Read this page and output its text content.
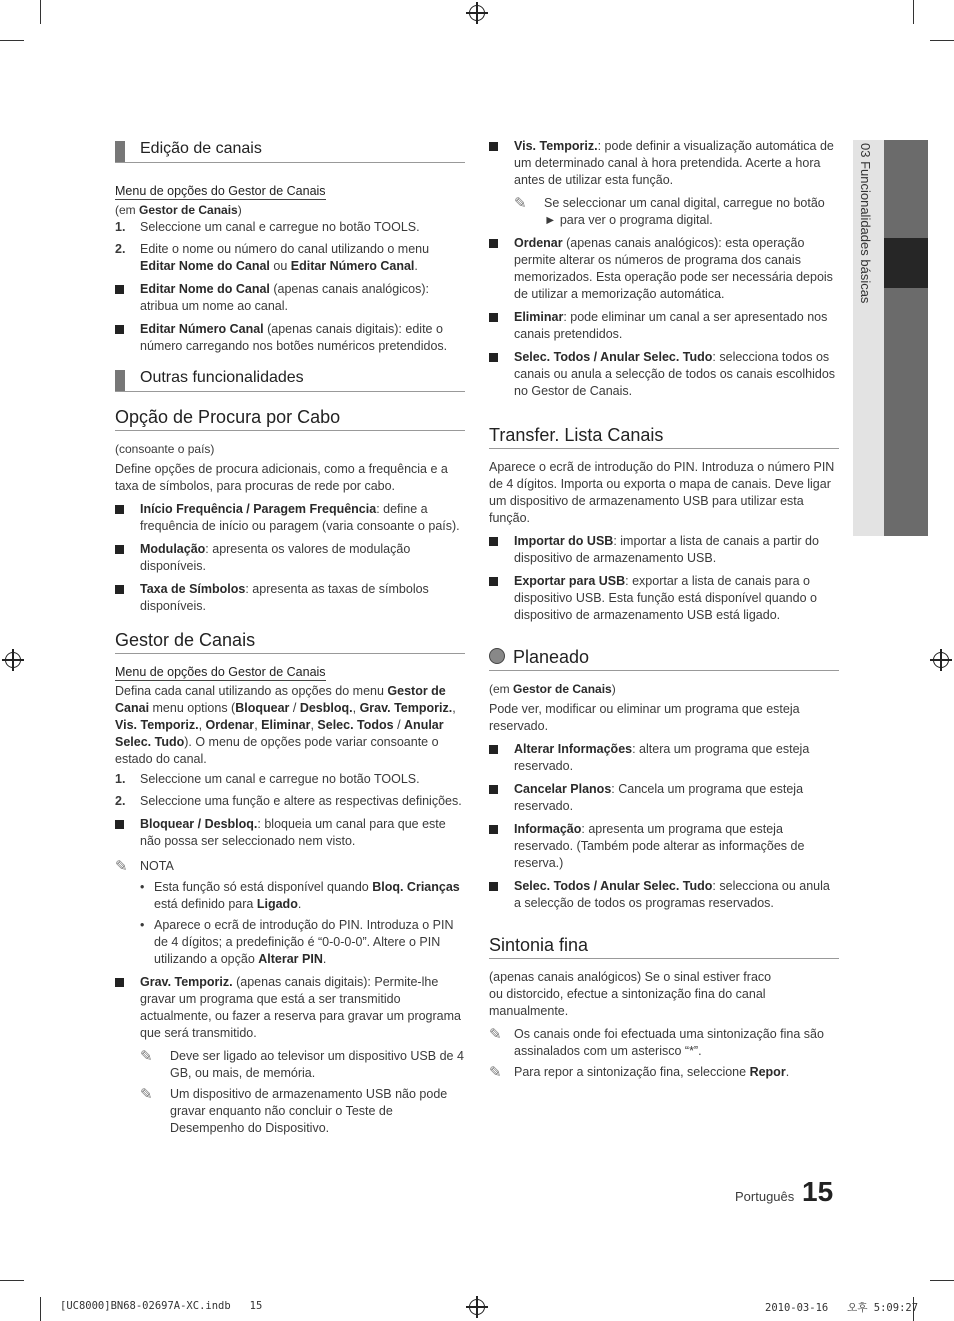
03 Funcionalidades básicas
Edição de canais
Menu de opções do Gestor de Canais

(em Gestor de Canais)

1.	Seleccione um canal e carregue no botão TOOLS.
2.	Edite o nome ou número do canal utilizando o menu Editar Nome do Canal ou Editar Número Canal.
Editar Nome do Canal (apenas canais analógicos): atribua um nome ao canal.
Editar Número Canal (apenas canais digitais): edite o número carregando nos botões numéricos pretendidos.
Outras funcionalidades
Opção de Procura por Cabo

(consoante o país)

Define opções de procura adicionais, como a frequência e a taxa de símbolos, para procuras de rede por cabo.

Início Frequência / Paragem Frequência: define a frequência de início ou paragem (varia consoante o país).
Modulação: apresenta os valores de modulação disponíveis.
Taxa de Símbolos: apresenta as taxas de símbolos disponíveis.
Gestor de Canais
Menu de opções do Gestor de Canais

Defina cada canal utilizando as opções do menu Gestor de Canai menu options (Bloquear / Desbloq., Grav. Temporiz., Vis. Temporiz., Ordenar, Eliminar, Selec. Todos / Anular Selec. Tudo). O menu de opções pode variar consoante o estado do canal.

1.	Seleccione um canal e carregue no botão TOOLS.
2.	Seleccione uma função e altere as respectivas definições.
Bloquear / Desbloq.: bloqueia um canal para que este não possa ser seleccionado nem visto.
✎ NOTA
• Esta função só está disponível quando Bloq. Crianças está definido para Ligado.
• Aparece o ecrã de introdução do PIN. Introduza o PIN de 4 dígitos; a predefinição é “0-0-0-0”. Altere o PIN utilizando a opção Alterar PIN.
Grav. Temporiz. (apenas canais digitais): Permite-lhe gravar um programa que está a ser transmitido actualmente, ou fazer a reserva para gravar um programa que será transmitido.
✎	Deve ser ligado ao televisor um dispositivo USB de 4 GB, ou mais, de memória.
✎	Um dispositivo de armazenamento USB não pode gravar enquanto não concluir o Teste de Desempenho do Dispositivo.
Vis. Temporiz.: pode definir a visualização automática de um determinado canal à hora pretendida. Acerte a hora antes de utilizar esta função.
✎	Se seleccionar um canal digital, carregue no botão ► para ver o programa digital.
Ordenar (apenas canais analógicos): esta operação permite alterar os números de programa dos canais memorizados. Esta operação pode ser necessária depois de utilizar a memorização automática.
Eliminar: pode eliminar um canal a ser apresentado nos canais pretendidos.
Selec. Todos / Anular Selec. Tudo: selecciona todos os canais ou anula a selecção de todos os canais escolhidos no Gestor de Canais.
Transfer. Lista Canais

Aparece o ecrã de introdução do PIN. Introduza o número PIN de 4 dígitos. Importa ou exporta o mapa de canais. Deve ligar um dispositivo de armazenamento USB para utilizar esta função.

Importar do USB: importar a lista de canais a partir do dispositivo de armazenamento USB.
Exportar para USB: exportar a lista de canais para o dispositivo USB. Esta função está disponível quando o dispositivo de armazenamento USB está ligado.
Planeado

(em Gestor de Canais)

Pode ver, modificar ou eliminar um programa que esteja reservado.

Alterar Informações: altera um programa que esteja reservado.
Cancelar Planos: Cancela um programa que esteja reservado.
Informação: apresenta um programa que esteja reservado. (Também pode alterar as informações de reserva.)
Selec. Todos / Anular Selec. Tudo: selecciona ou anula a selecção de todos os programas reservados.
Sintonia fina

(apenas canais analógicos) Se o sinal estiver fraco ou distorcido, efectue a sintonização fina do canal manualmente.

✎ Os canais onde foi efectuada uma sintonização fina são assinalados com um asterisco “*”.
✎ Para repor a sintonização fina, seleccione Repor.
Português 15
[UC8000]BN68-02697A-XC.indb   15	2010-03-16   오후 5:09:27
